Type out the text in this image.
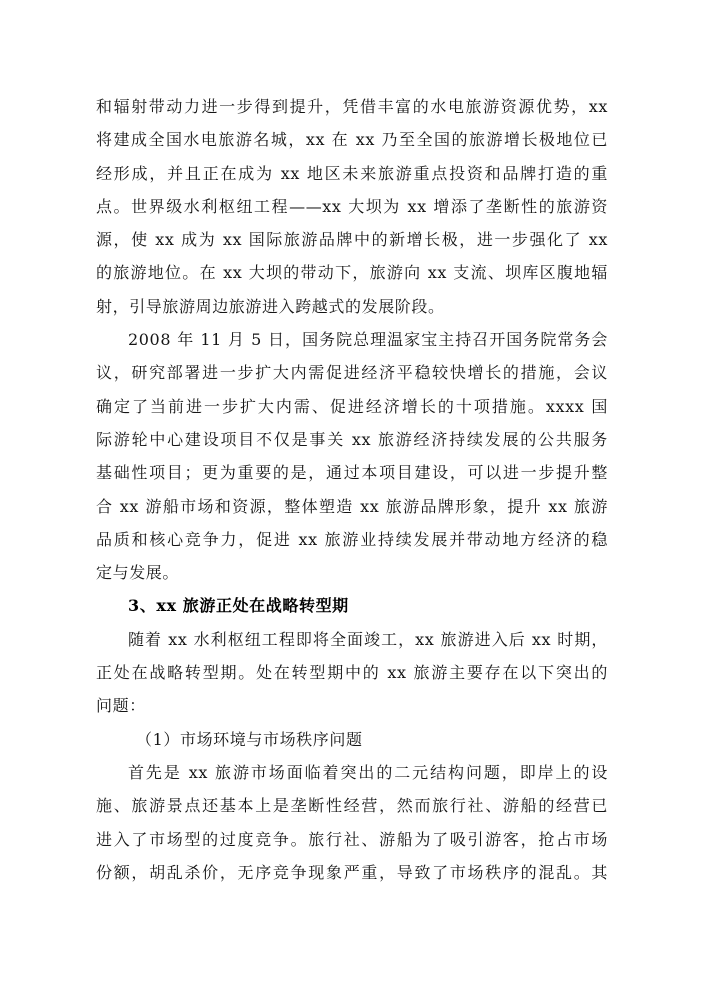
和辐射带动力进一步得到提升，凭借丰富的水电旅游资源优势，xx
将建成全国水电旅游名城，xx 在 xx 乃至全国的旅游增长极地位已
经形成，并且正在成为 xx 地区未来旅游重点投资和品牌打造的重
点。世界级水利枢纽工程——xx 大坝为 xx 增添了垄断性的旅游资
源，使 xx 成为 xx 国际旅游品牌中的新增长极，进一步强化了 xx
的旅游地位。在 xx 大坝的带动下，旅游向 xx 支流、坝库区腹地辐
射，引导旅游周边旅游进入跨越式的发展阶段。
2008 年 11 月 5 日，国务院总理温家宝主持召开国务院常务会
议，研究部署进一步扩大内需促进经济平稳较快增长的措施，会议
确定了当前进一步扩大内需、促进经济增长的十项措施。xxxx 国
际游轮中心建设项目不仅是事关 xx 旅游经济持续发展的公共服务
基础性项目；更为重要的是，通过本项目建设，可以进一步提升整
合 xx 游船市场和资源，整体塑造 xx 旅游品牌形象，提升 xx 旅游
品质和核心竞争力，促进 xx 旅游业持续发展并带动地方经济的稳
定与发展。
3、xx 旅游正处在战略转型期
随着 xx 水利枢纽工程即将全面竣工，xx 旅游进入后 xx 时期，
正处在战略转型期。处在转型期中的 xx 旅游主要存在以下突出的
问题：
（1）市场环境与市场秩序问题
首先是 xx 旅游市场面临着突出的二元结构问题，即岸上的设
施、旅游景点还基本上是垄断性经营，然而旅行社、游船的经营已
进入了市场型的过度竞争。旅行社、游船为了吸引游客，抢占市场
份额，胡乱杀价，无序竞争现象严重，导致了市场秩序的混乱。其
